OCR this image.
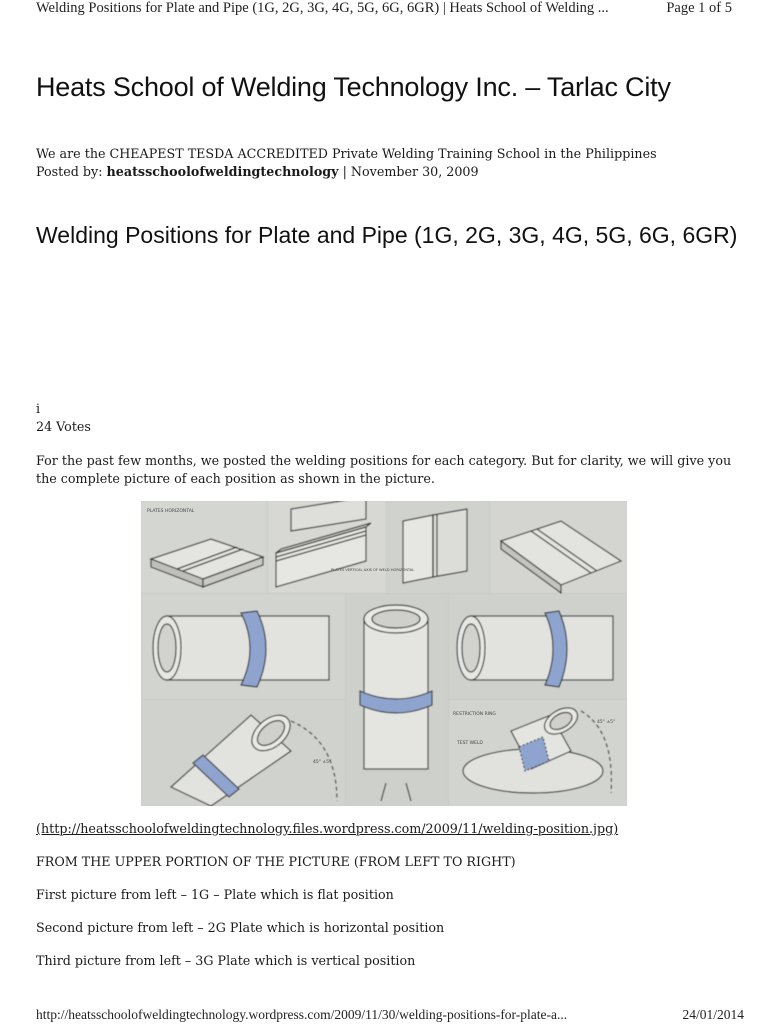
Welding Positions for Plate and Pipe (1G, 2G, 3G, 4G, 5G, 6G, 6GR) | Heats School of Welding ...	Page 1 of 5
Heats School of Welding Technology Inc. – Tarlac City
We are the CHEAPEST TESDA ACCREDITED Private Welding Training School in the Philippines
Posted by: heatsschoolofweldingtechnology | November 30, 2009
Welding Positions for Plate and Pipe (1G, 2G, 3G, 4G, 5G, 6G, 6GR)
i
24 Votes
For the past few months, we posted the welding positions for each category. But for clarity, we will give you the complete picture of each position as shown in the picture.
PLATES HORIZONTAL
PLATES VERTICAL AXIS OF WELD HORIZONTAL
RESTRICTION RING
TEST WELD
45° ±5°
45° ±5°
(http://heatsschoolofweldingtechnology.files.wordpress.com/2009/11/welding-position.jpg)
FROM THE UPPER PORTION OF THE PICTURE (FROM LEFT TO RIGHT)
First picture from left – 1G – Plate which is flat position
Second picture from left – 2G Plate which is horizontal position
Third picture from left – 3G Plate which is vertical position
http://heatsschoolofweldingtechnology.wordpress.com/2009/11/30/welding-positions-for-plate-a...	24/01/2014
